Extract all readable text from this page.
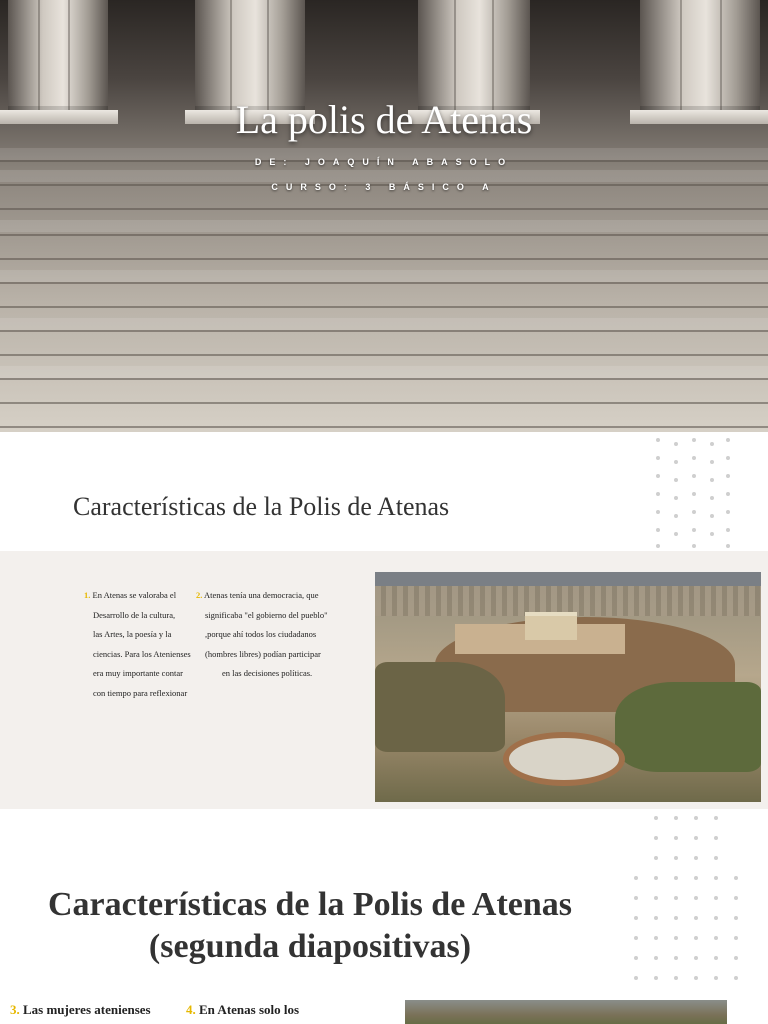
La polis de Atenas
DE: JOAQUÍN ABASOLO
CURSO: 3 BÁSICO A
Características de la Polis de Atenas
1. En Atenas se valoraba el
Desarrollo de la cultura,
las Artes, la poesía y la
ciencias. Para los Atenienses
era muy importante contar
con tiempo para reflexionar
2. Atenas tenía una democracia, que
significaba "el gobierno del pueblo"
,porque ahí todos los ciudadanos
(hombres libres) podían participar
en las decisiones políticas.
Características de la Polis de Atenas
(segunda diapositivas)
3. Las mujeres atenienses	4. En Atenas solo los
